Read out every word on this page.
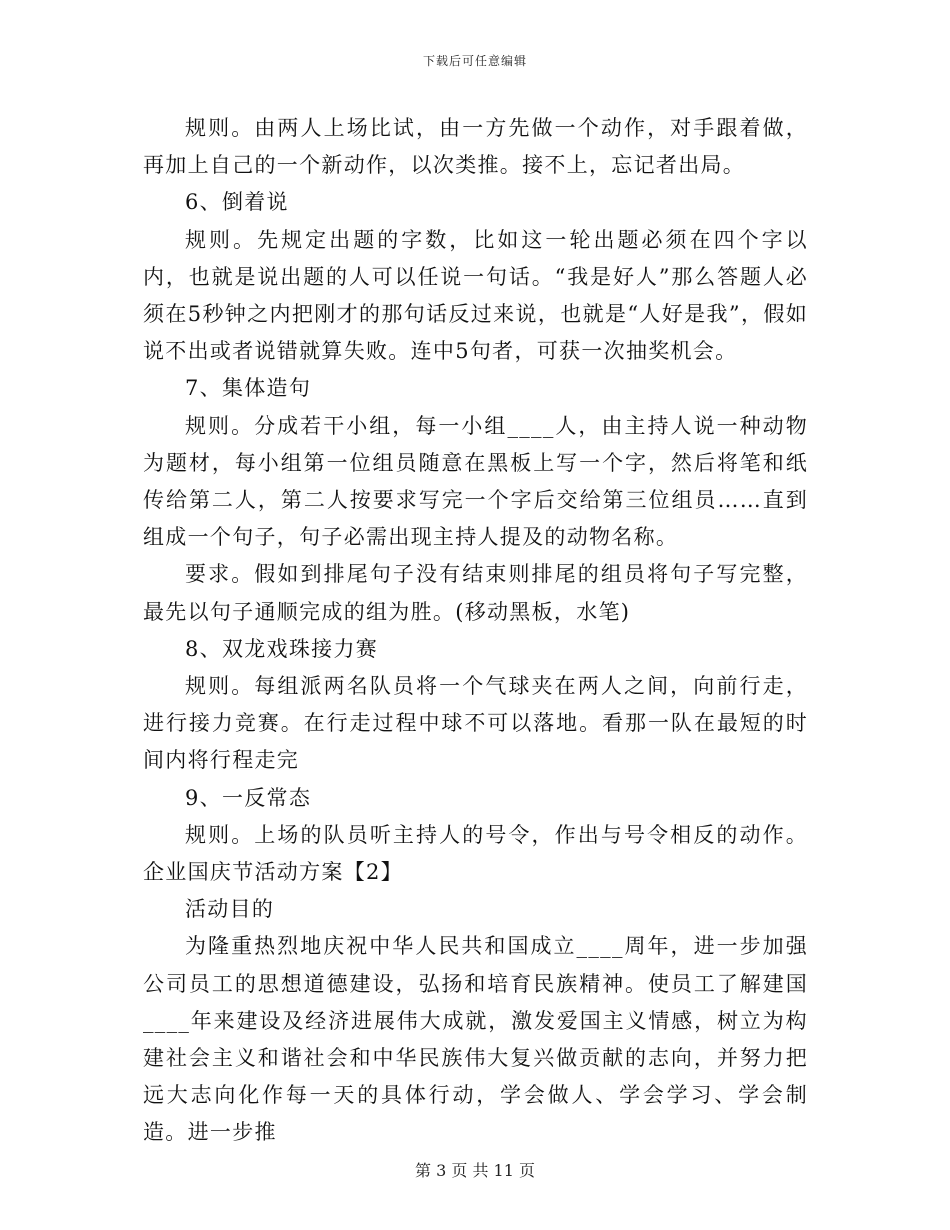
下载后可任意编辑

规则。由两人上场比试，由一方先做一个动作，对手跟着做，再加上自己的一个新动作，以次类推。接不上，忘记者出局。

6、倒着说

规则。先规定出题的字数，比如这一轮出题必须在四个字以内，也就是说出题的人可以任说一句话。“我是好人”那么答题人必须在5秒钟之内把刚才的那句话反过来说，也就是“人好是我”，假如说不出或者说错就算失败。连中5句者，可获一次抽奖机会。

7、集体造句

规则。分成若干小组，每一小组____人，由主持人说一种动物为题材，每小组第一位组员随意在黑板上写一个字，然后将笔和纸传给第二人，第二人按要求写完一个字后交给第三位组员……直到组成一个句子，句子必需出现主持人提及的动物名称。

要求。假如到排尾句子没有结束则排尾的组员将句子写完整，最先以句子通顺完成的组为胜。(移动黑板，水笔)

8、双龙戏珠接力赛

规则。每组派两名队员将一个气球夹在两人之间，向前行走，进行接力竞赛。在行走过程中球不可以落地。看那一队在最短的时间内将行程走完

9、一反常态

规则。上场的队员听主持人的号令，作出与号令相反的动作。企业国庆节活动方案【2】

活动目的

为隆重热烈地庆祝中华人民共和国成立____周年，进一步加强公司员工的思想道德建设，弘扬和培育民族精神。使员工了解建国____年来建设及经济进展伟大成就，激发爱国主义情感，树立为构建社会主义和谐社会和中华民族伟大复兴做贡献的志向，并努力把远大志向化作每一天的具体行动，学会做人、学会学习、学会制造。进一步推

第 3 页 共 11 页
